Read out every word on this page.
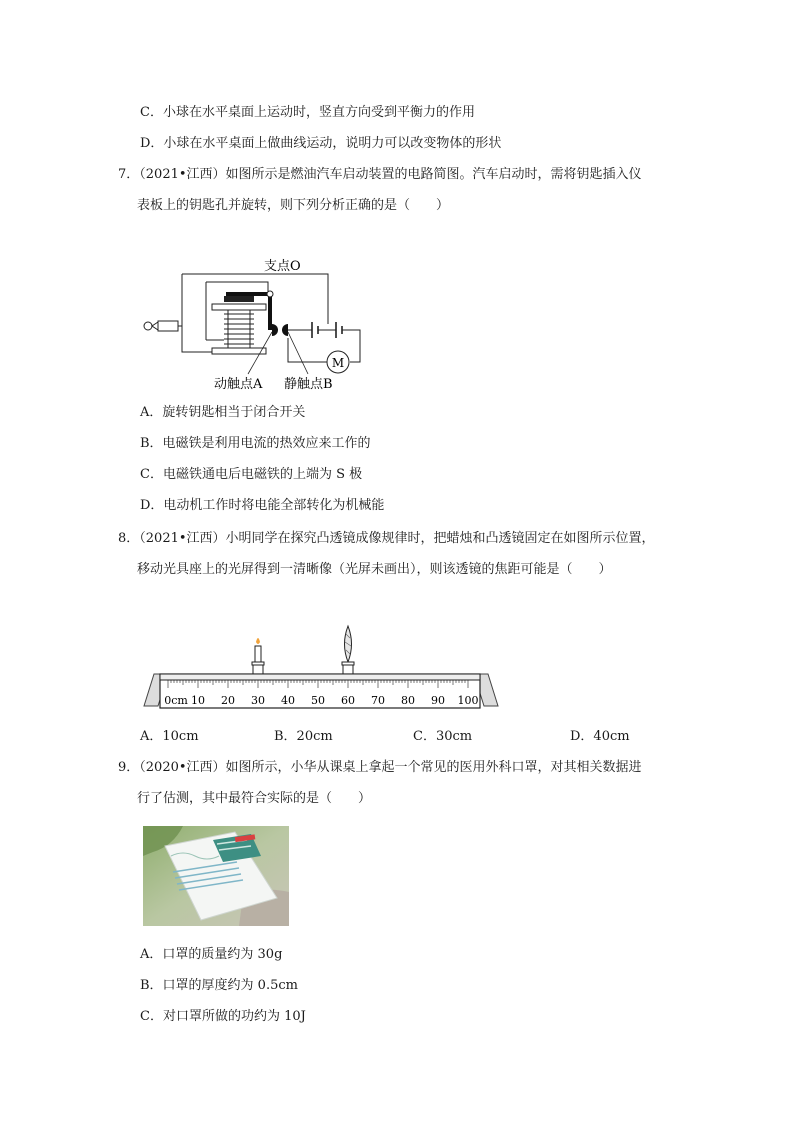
C．小球在水平桌面上运动时，竖直方向受到平衡力的作用
D．小球在水平桌面上做曲线运动，说明力可以改变物体的形状
7．（2021•江西）如图所示是燃油汽车启动装置的电路简图。汽车启动时，需将钥匙插入仪
表板上的钥匙孔并旋转，则下列分析正确的是（　　）
支点O
M
动触点A 静触点B
A．旋转钥匙相当于闭合开关
B．电磁铁是利用电流的热效应来工作的
C．电磁铁通电后电磁铁的上端为 S 极
D．电动机工作时将电能全部转化为机械能
8．（2021•江西）小明同学在探究凸透镜成像规律时，把蜡烛和凸透镜固定在如图所示位置，
移动光具座上的光屏得到一清晰像（光屏未画出），则该透镜的焦距可能是（　　）
0cm 10 20 30 40 50 60 70 80 90 100
A．10cm	B．20cm	C．30cm	D．40cm
9．（2020•江西）如图所示，小华从课桌上拿起一个常见的医用外科口罩，对其相关数据进
行了估测，其中最符合实际的是（　　）
A．口罩的质量约为 30g
B．口罩的厚度约为 0.5cm
C．对口罩所做的功约为 10J
